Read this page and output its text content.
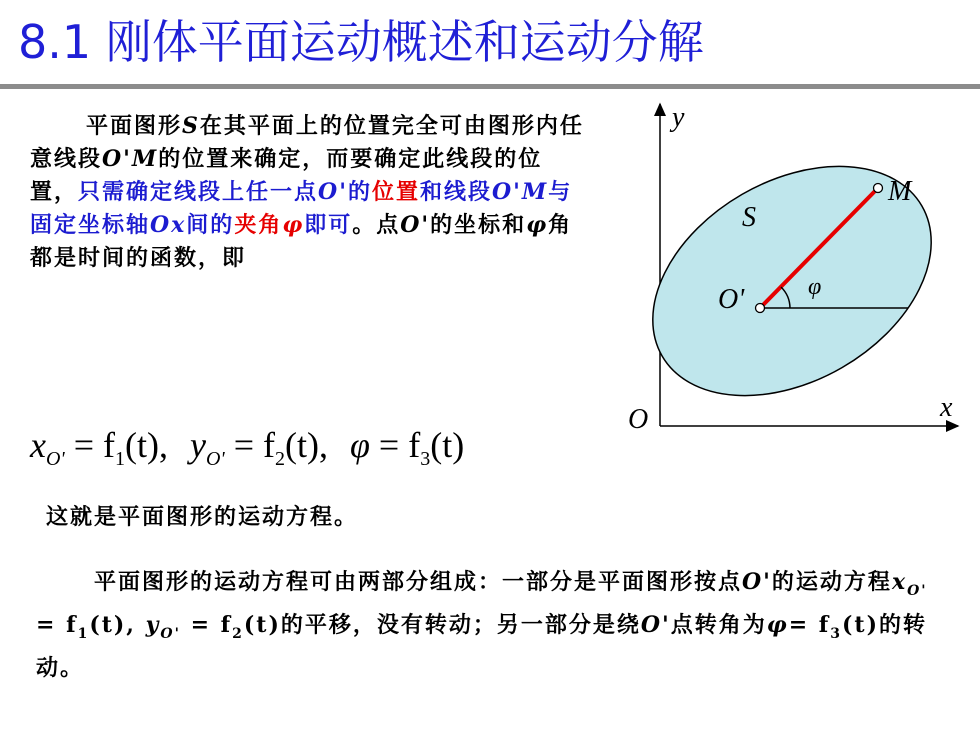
8.1 刚体平面运动概述和运动分解
平面图形S在其平面上的位置完全可由图形内任意线段O'M的位置来确定，而要确定此线段的位置，只需确定线段上任一点O'的位置和线段O'M与固定坐标轴Ox间的夹角φ即可。点O'的坐标和φ角都是时间的函数，即
y
x
O
S
M
O'	φ
$x_{O'} = f_1(t)$, $y_{O'} = f_2(t)$, $\varphi = f_3(t)$
这就是平面图形的运动方程。
平面图形的运动方程可由两部分组成：一部分是平面图形按点O'的运动方程$x_{O'} = f_1(t)$, $y_{O'} = f_2(t)$的平移，没有转动；另一部分是绕O'点转角为$\varphi= f_3(t)$的转动。
